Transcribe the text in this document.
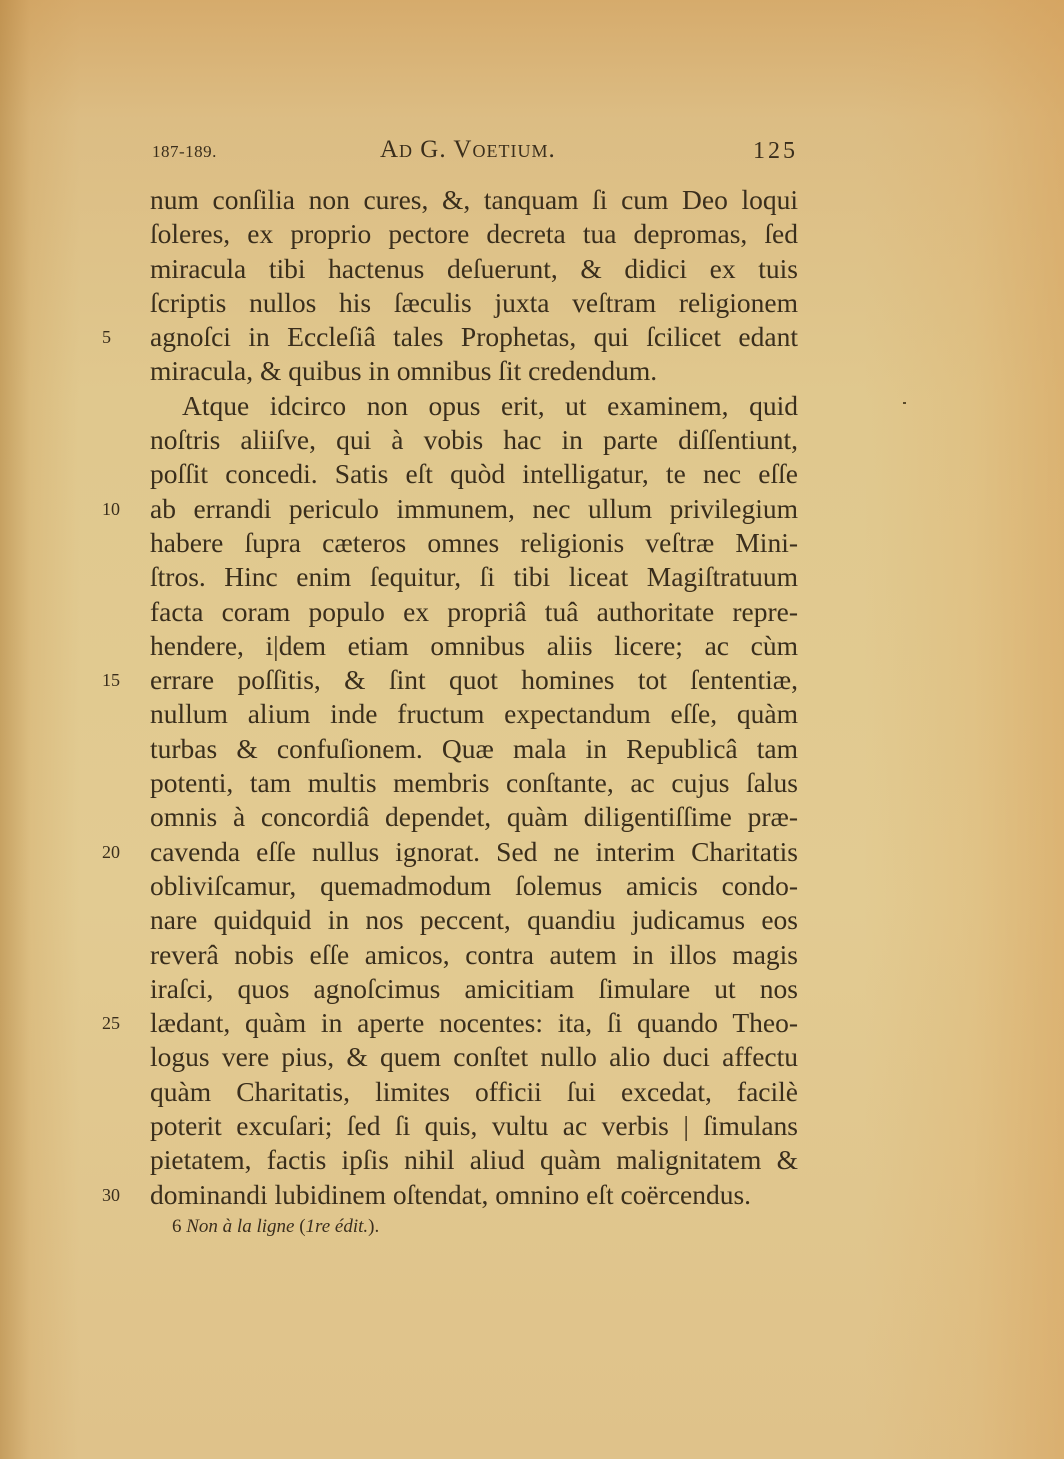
187-189.	Ad G. Voetium.	125
num conſilia non cures, &, tanquam ſi cum Deo loqui
ſoleres, ex proprio pectore decreta tua depromas, ſed
miracula tibi hactenus deſuerunt, & didici ex tuis
ſcriptis nullos his ſæculis juxta veſtram religionem
5	agnoſci in Eccleſiâ tales Prophetas, qui ſcilicet edant
miracula, & quibus in omnibus ſit credendum.
Atque idcirco non opus erit, ut examinem, quid
noſtris aliiſve, qui à vobis hac in parte diſſentiunt,
poſſit concedi. Satis eſt quòd intelligatur, te nec eſſe
10	ab errandi periculo immunem, nec ullum privilegium
habere ſupra cæteros omnes religionis veſtræ Mini-
ſtros. Hinc enim ſequitur, ſi tibi liceat Magiſtratuum
facta coram populo ex propriâ tuâ authoritate repre-
hendere, i|dem etiam omnibus aliis licere; ac cùm
15	errare poſſitis, & ſint quot homines tot ſententiæ,
nullum alium inde fructum expectandum eſſe, quàm
turbas & confuſionem. Quæ mala in Republicâ tam
potenti, tam multis membris conſtante, ac cujus ſalus
omnis à concordiâ dependet, quàm diligentiſſime præ-
20	cavenda eſſe nullus ignorat. Sed ne interim Charitatis
obliviſcamur, quemadmodum ſolemus amicis condo-
nare quidquid in nos peccent, quandiu judicamus eos
reverâ nobis eſſe amicos, contra autem in illos magis
iraſci, quos agnoſcimus amicitiam ſimulare ut nos
25	lædant, quàm in aperte nocentes: ita, ſi quando Theo-
logus vere pius, & quem conſtet nullo alio duci affectu
quàm Charitatis, limites officii ſui excedat, facilè
poterit excuſari; ſed ſi quis, vultu ac verbis | ſimulans
pietatem, factis ipſis nihil aliud quàm malignitatem &
30	dominandi lubidinem oſtendat, omnino eſt coërcendus.
6 Non à la ligne (1re édit.).
